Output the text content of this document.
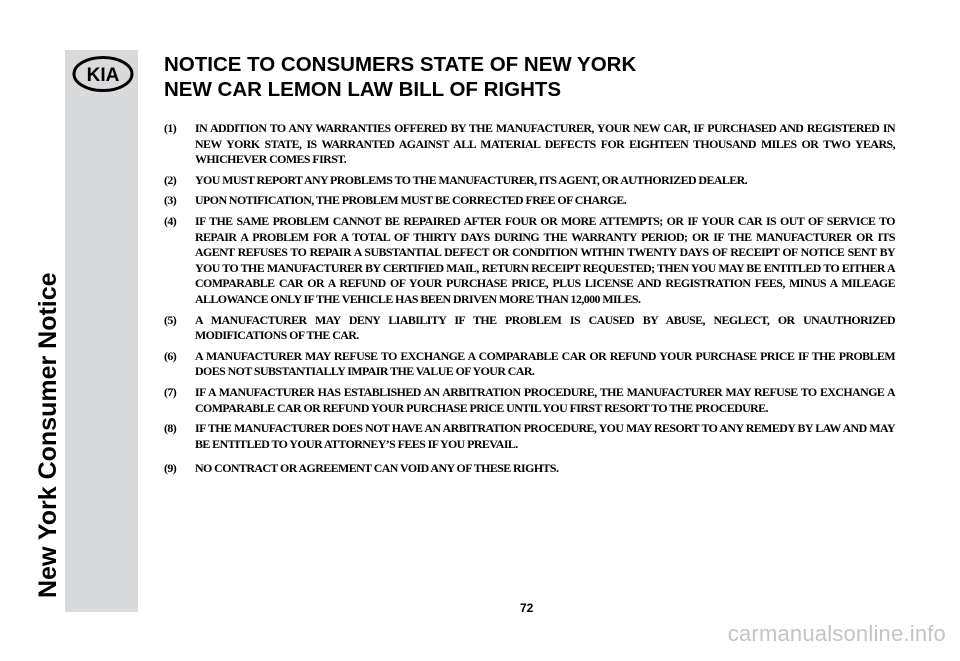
KIA
New York Consumer Notice
NOTICE TO CONSUMERS STATE OF NEW YORK
NEW CAR LEMON LAW BILL OF RIGHTS
(1) IN ADDITION TO ANY WARRANTIES OFFERED BY THE MANUFACTURER, YOUR NEW CAR, IF PURCHASED AND REGISTERED IN NEW YORK STATE, IS WARRANTED AGAINST ALL MATERIAL DEFECTS FOR EIGHTEEN THOUSAND MILES OR TWO YEARS, WHICHEVER COMES FIRST.
(2) YOU MUST REPORT ANY PROBLEMS TO THE MANUFACTURER, ITS AGENT, OR AUTHORIZED DEALER.
(3) UPON NOTIFICATION, THE PROBLEM MUST BE CORRECTED FREE OF CHARGE.
(4) IF THE SAME PROBLEM CANNOT BE REPAIRED AFTER FOUR OR MORE ATTEMPTS; OR IF YOUR CAR IS OUT OF SERVICE TO REPAIR A PROBLEM FOR A TOTAL OF THIRTY DAYS DURING THE WARRANTY PERIOD; OR IF THE MANUFACTURER OR ITS AGENT REFUSES TO REPAIR A SUBSTANTIAL DEFECT OR CONDITION WITHIN TWENTY DAYS OF RECEIPT OF NOTICE SENT BY YOU TO THE MANUFACTURER BY CERTIFIED MAIL, RETURN RECEIPT REQUESTED; THEN YOU MAY BE ENTITLED TO EITHER A COMPARABLE CAR OR A REFUND OF YOUR PURCHASE PRICE, PLUS LICENSE AND REGISTRATION FEES, MINUS A MILEAGE ALLOWANCE ONLY IF THE VEHICLE HAS BEEN DRIVEN MORE THAN 12,000 MILES.
(5) A MANUFACTURER MAY DENY LIABILITY IF THE PROBLEM IS CAUSED BY ABUSE, NEGLECT, OR UNAUTHORIZED MODIFICATIONS OF THE CAR.
(6) A MANUFACTURER MAY REFUSE TO EXCHANGE A COMPARABLE CAR OR REFUND YOUR PURCHASE PRICE IF THE PROBLEM DOES NOT SUBSTANTIALLY IMPAIR THE VALUE OF YOUR CAR.
(7) IF A MANUFACTURER HAS ESTABLISHED AN ARBITRATION PROCEDURE, THE MANUFACTURER MAY REFUSE TO EXCHANGE A COMPARABLE CAR OR REFUND YOUR PURCHASE PRICE UNTIL YOU FIRST RESORT TO THE PROCEDURE.
(8) IF THE MANUFACTURER DOES NOT HAVE AN ARBITRATION PROCEDURE, YOU MAY RESORT TO ANY REMEDY BY LAW AND MAY BE ENTITLED TO YOUR ATTORNEY’S FEES IF YOU PREVAIL.
(9) NO CONTRACT OR AGREEMENT CAN VOID ANY OF THESE RIGHTS.
72
carmanualsonline.info
